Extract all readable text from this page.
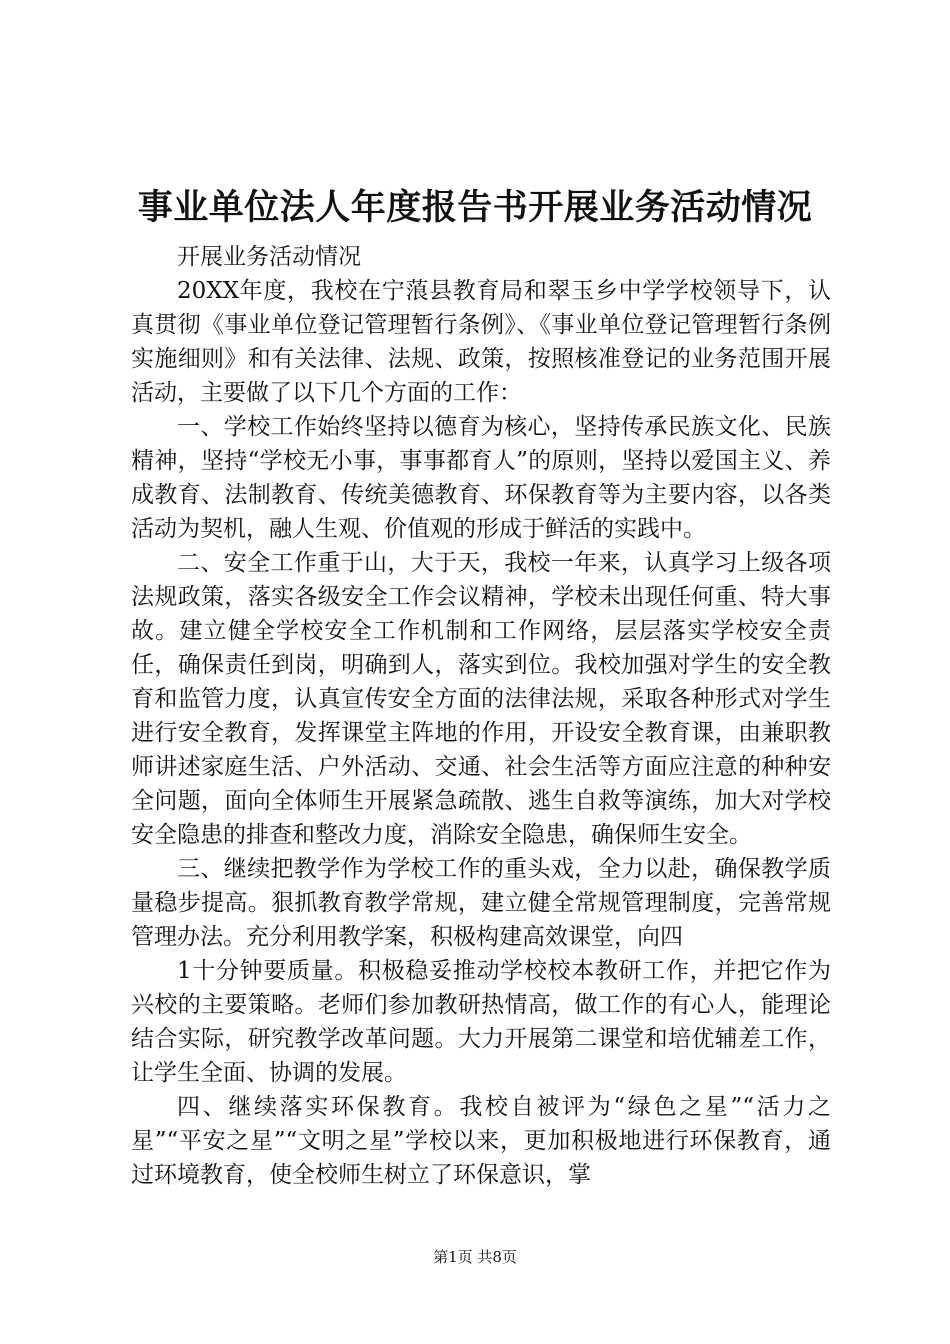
事业单位法人年度报告书开展业务活动情况

开展业务活动情况

20XX年度，我校在宁蒗县教育局和翠玉乡中学学校领导下，认真贯彻《事业单位登记管理暂行条例》、《事业单位登记管理暂行条例实施细则》和有关法律、法规、政策，按照核准登记的业务范围开展活动，主要做了以下几个方面的工作：

一、学校工作始终坚持以德育为核心，坚持传承民族文化、民族精神，坚持“学校无小事，事事都育人”的原则，坚持以爱国主义、养成教育、法制教育、传统美德教育、环保教育等为主要内容，以各类活动为契机，融人生观、价值观的形成于鲜活的实践中。

二、安全工作重于山，大于天，我校一年来，认真学习上级各项法规政策，落实各级安全工作会议精神，学校未出现任何重、特大事故。建立健全学校安全工作机制和工作网络，层层落实学校安全责任，确保责任到岗，明确到人，落实到位。我校加强对学生的安全教育和监管力度，认真宣传安全方面的法律法规，采取各种形式对学生进行安全教育，发挥课堂主阵地的作用，开设安全教育课，由兼职教师讲述家庭生活、户外活动、交通、社会生活等方面应注意的种种安全问题，面向全体师生开展紧急疏散、逃生自救等演练，加大对学校安全隐患的排查和整改力度，消除安全隐患，确保师生安全。

三、继续把教学作为学校工作的重头戏，全力以赴，确保教学质量稳步提高。狠抓教育教学常规，建立健全常规管理制度，完善常规管理办法。充分利用教学案，积极构建高效课堂，向四

1十分钟要质量。积极稳妥推动学校校本教研工作，并把它作为兴校的主要策略。老师们参加教研热情高，做工作的有心人，能理论结合实际，研究教学改革问题。大力开展第二课堂和培优辅差工作，让学生全面、协调的发展。

四、继续落实环保教育。我校自被评为“绿色之星”“活力之星”“平安之星”“文明之星”学校以来，更加积极地进行环保教育，通过环境教育，使全校师生树立了环保意识，掌

第1页 共8页
